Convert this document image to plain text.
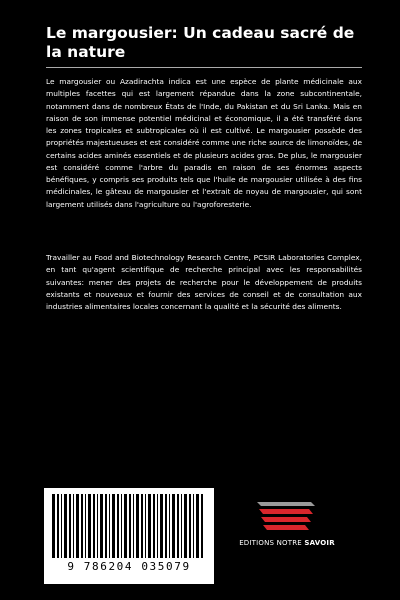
Le margousier: Un cadeau sacré de la nature

Le margousier ou Azadirachta indica est une espèce de plante médicinale aux multiples facettes qui est largement répandue dans la zone subcontinentale, notamment dans de nombreux États de l'Inde, du Pakistan et du Sri Lanka. Mais en raison de son immense potentiel médicinal et économique, il a été transféré dans les zones tropicales et subtropicales où il est cultivé. Le margousier possède des propriétés majestueuses et est considéré comme une riche source de limonoïdes, de certains acides aminés essentiels et de plusieurs acides gras. De plus, le margousier est considéré comme l'arbre du paradis en raison de ses énormes aspects bénéfiques, y compris ses produits tels que l'huile de margousier utilisée à des fins médicinales, le gâteau de margousier et l'extrait de noyau de margousier, qui sont largement utilisés dans l'agriculture ou l'agroforesterie.

Travailler au Food and Biotechnology Research Centre, PCSIR Laboratories Complex, en tant qu'agent scientifique de recherche principal avec les responsabilités suivantes: mener des projets de recherche pour le développement de produits existants et nouveaux et fournir des services de conseil et de consultation aux industries alimentaires locales concernant la qualité et la sécurité des aliments.

9 786204 035079
EDITIONS NOTRE SAVOIR
